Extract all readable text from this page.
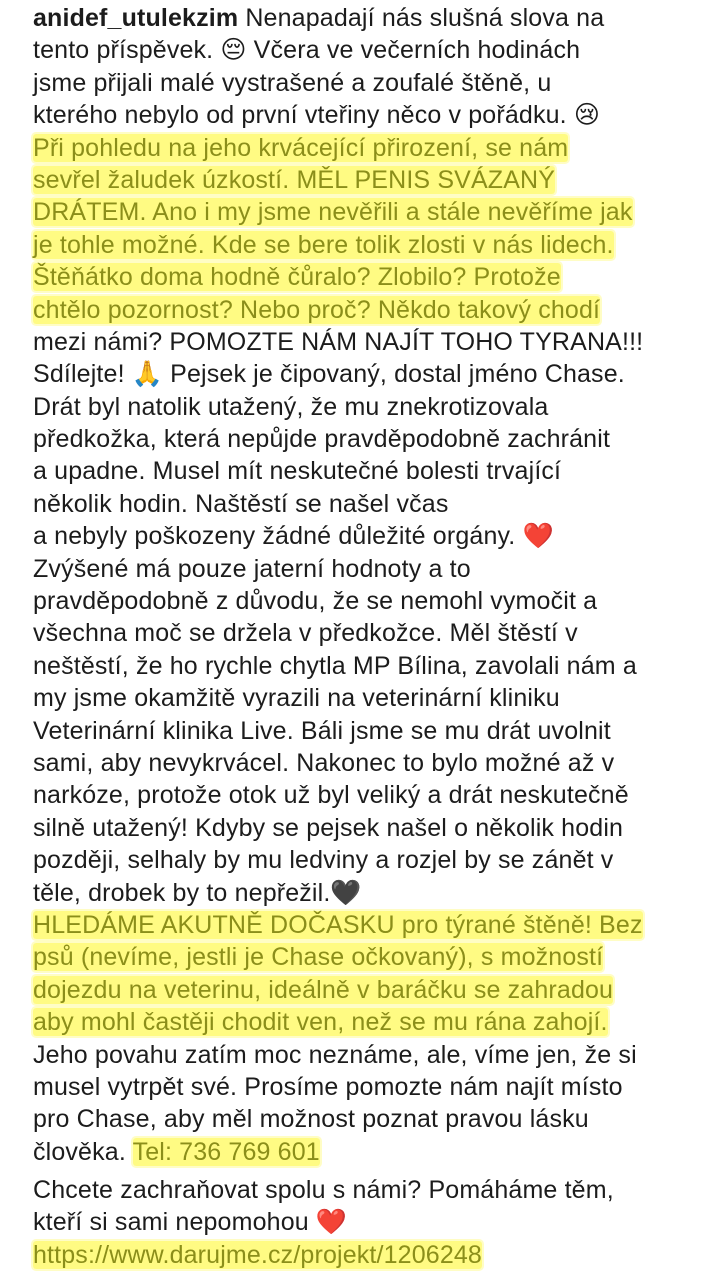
anidef_utulekzim Nenapadají nás slušná slova na
tento příspěvek. 😔 Včera ve večerních hodinách
jsme přijali malé vystrašené a zoufalé štěně, u
kterého nebylo od první vteřiny něco v pořádku. 😢
Při pohledu na jeho krvácející přirození, se nám
sevřel žaludek úzkostí. MĚL PENIS SVÁZANÝ
DRÁTEM. Ano i my jsme nevěřili a stále nevěříme jak
je tohle možné. Kde se bere tolik zlosti v nás lidech.
Štěňátko doma hodně čůralo? Zlobilo? Protože
chtělo pozornost? Nebo proč? Někdo takový chodí
mezi námi? POMOZTE NÁM NAJÍT TOHO TYRANA!!!
Sdílejte! 🙏 Pejsek je čipovaný, dostal jméno Chase.
Drát byl natolik utažený, že mu znekrotizovala
předkožka, která nepůjde pravděpodobně zachránit
a upadne. Musel mít neskutečné bolesti trvající
několik hodin. Naštěstí se našel včas
a nebyly poškozeny žádné důležité orgány. ❤️
Zvýšené má pouze jaterní hodnoty a to
pravděpodobně z důvodu, že se nemohl vymočit a
všechna moč se držela v předkožce. Měl štěstí v
neštěstí, že ho rychle chytla MP Bílina, zavolali nám a
my jsme okamžitě vyrazili na veterinární kliniku
Veterinární klinika Live. Báli jsme se mu drát uvolnit
sami, aby nevykrvácel. Nakonec to bylo možné až v
narkóze, protože otok už byl veliký a drát neskutečně
silně utažený! Kdyby se pejsek našel o několik hodin
později, selhaly by mu ledviny a rozjel by se zánět v
těle, drobek by to nepřežil.🖤
HLEDÁME AKUTNĚ DOČASKU pro týrané štěně! Bez
psů (nevíme, jestli je Chase očkovaný), s možností
dojezdu na veterinu, ideálně v baráčku se zahradou
aby mohl častěji chodit ven, než se mu rána zahojí.
Jeho povahu zatím moc neznáme, ale, víme jen, že si
musel vytrpět své. Prosíme pomozte nám najít místo
pro Chase, aby měl možnost poznat pravou lásku
člověka. Tel: 736 769 601
Chcete zachraňovat spolu s námi? Pomáháme těm,
kteří si sami nepomohou ❤️
https://www.darujme.cz/projekt/1206248
